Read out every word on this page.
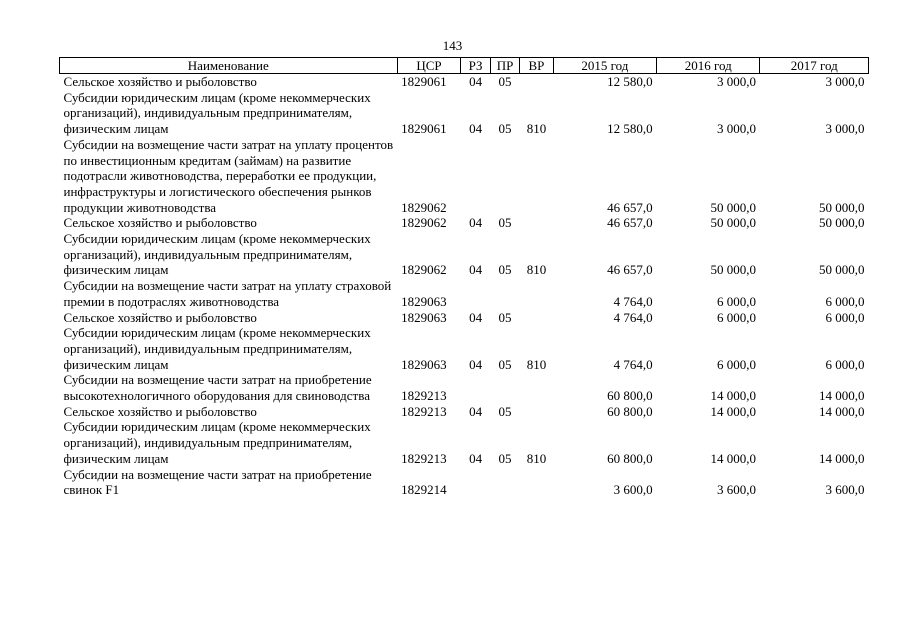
143
Наименование	ЦСР	РЗ	ПР	ВР	2015 год	2016 год	2017 год
Сельское хозяйство и рыболовство	1829061	04	05		12 580,0	3 000,0	3 000,0
Субсидии юридическим лицам (кроме некоммерческих организаций), индивидуальным предпринимателям, физическим лицам	1829061	04	05	810	12 580,0	3 000,0	3 000,0
Субсидии на возмещение части затрат на уплату процентов по инвестиционным кредитам (займам) на развитие подотрасли животноводства, переработки ее продукции, инфраструктуры и логистического обеспечения рынков продукции животноводства	1829062				46 657,0	50 000,0	50 000,0
Сельское хозяйство и рыболовство	1829062	04	05		46 657,0	50 000,0	50 000,0
Субсидии юридическим лицам (кроме некоммерческих организаций), индивидуальным предпринимателям, физическим лицам	1829062	04	05	810	46 657,0	50 000,0	50 000,0
Субсидии на возмещение части затрат на уплату страховой премии в подотраслях животноводства	1829063				4 764,0	6 000,0	6 000,0
Сельское хозяйство и рыболовство	1829063	04	05		4 764,0	6 000,0	6 000,0
Субсидии юридическим лицам (кроме некоммерческих организаций), индивидуальным предпринимателям, физическим лицам	1829063	04	05	810	4 764,0	6 000,0	6 000,0
Субсидии на возмещение части затрат на приобретение высокотехнологичного оборудования для свиноводства	1829213				60 800,0	14 000,0	14 000,0
Сельское хозяйство и рыболовство	1829213	04	05		60 800,0	14 000,0	14 000,0
Субсидии юридическим лицам (кроме некоммерческих организаций), индивидуальным предпринимателям, физическим лицам	1829213	04	05	810	60 800,0	14 000,0	14 000,0
Субсидии на возмещение части затрат на приобретение свинок F1	1829214				3 600,0	3 600,0	3 600,0
